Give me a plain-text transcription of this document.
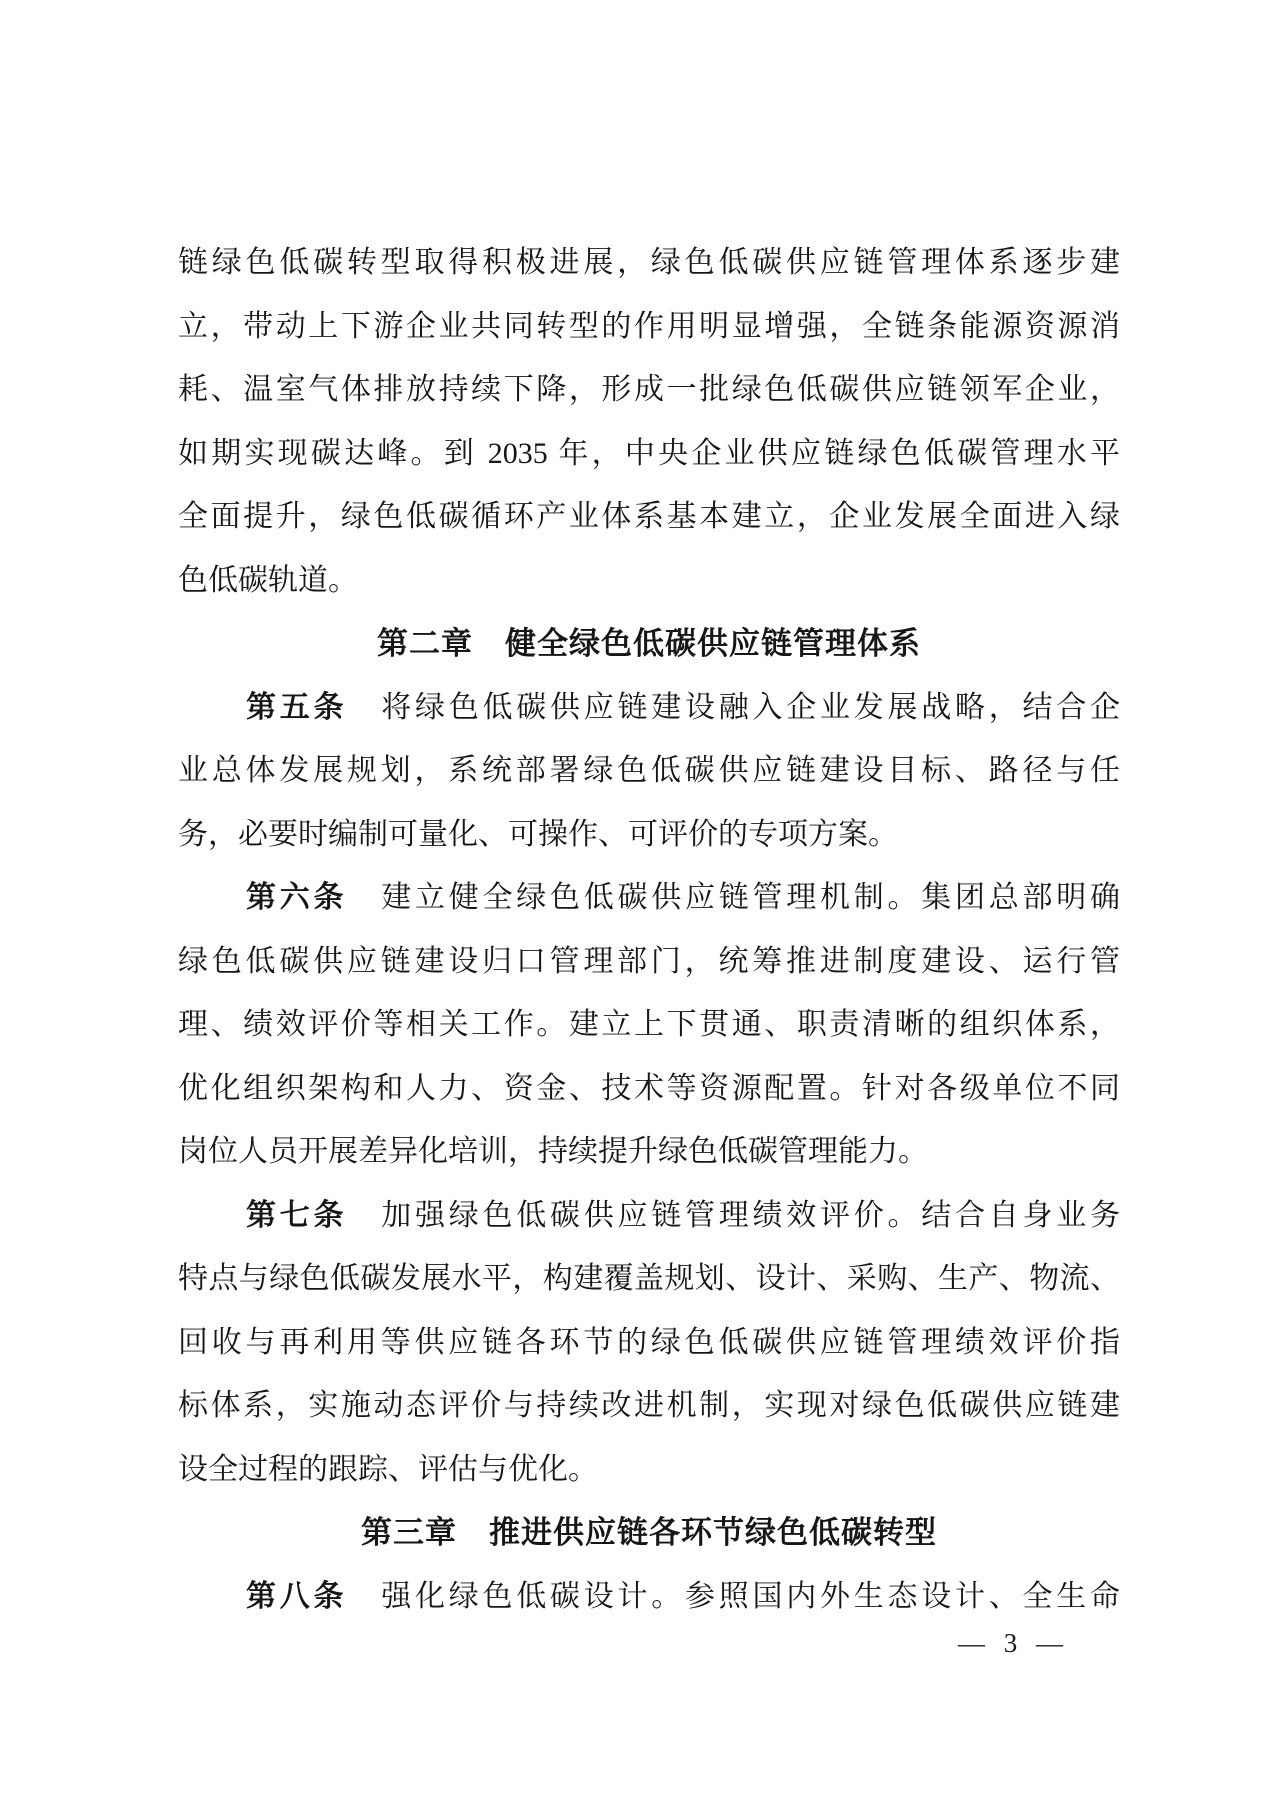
链绿色低碳转型取得积极进展，绿色低碳供应链管理体系逐步建
立，带动上下游企业共同转型的作用明显增强，全链条能源资源消
耗、温室气体排放持续下降，形成一批绿色低碳供应链领军企业，
如期实现碳达峰。到 2035 年，中央企业供应链绿色低碳管理水平
全面提升，绿色低碳循环产业体系基本建立，企业发展全面进入绿
色低碳轨道。
第二章　健全绿色低碳供应链管理体系
第五条 将绿色低碳供应链建设融入企业发展战略，结合企
业总体发展规划，系统部署绿色低碳供应链建设目标、路径与任
务，必要时编制可量化、可操作、可评价的专项方案。
第六条 建立健全绿色低碳供应链管理机制。集团总部明确
绿色低碳供应链建设归口管理部门，统筹推进制度建设、运行管
理、绩效评价等相关工作。建立上下贯通、职责清晰的组织体系，
优化组织架构和人力、资金、技术等资源配置。针对各级单位不同
岗位人员开展差异化培训，持续提升绿色低碳管理能力。
第七条 加强绿色低碳供应链管理绩效评价。结合自身业务
特点与绿色低碳发展水平，构建覆盖规划、设计、采购、生产、物流、
回收与再利用等供应链各环节的绿色低碳供应链管理绩效评价指
标体系，实施动态评价与持续改进机制，实现对绿色低碳供应链建
设全过程的跟踪、评估与优化。
第三章　推进供应链各环节绿色低碳转型
第八条 强化绿色低碳设计。参照国内外生态设计、全生命
— 3 —
